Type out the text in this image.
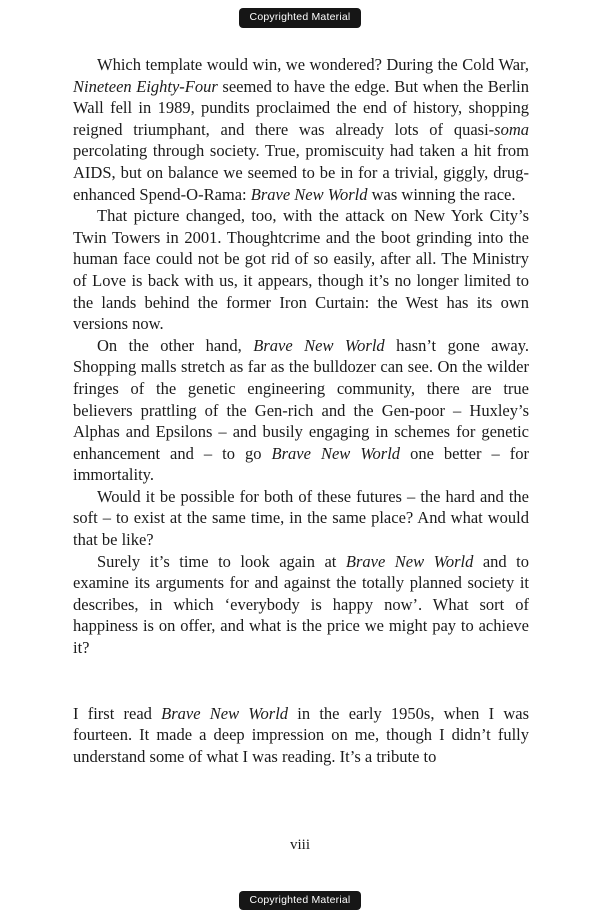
Copyrighted Material

Which template would win, we wondered? During the Cold War, Nineteen Eighty-Four seemed to have the edge. But when the Berlin Wall fell in 1989, pundits proclaimed the end of history, shopping reigned triumphant, and there was already lots of quasi-soma percolating through society. True, promiscuity had taken a hit from AIDS, but on balance we seemed to be in for a trivial, giggly, drug-enhanced Spend-O-Rama: Brave New World was winning the race.

That picture changed, too, with the attack on New York City’s Twin Towers in 2001. Thoughtcrime and the boot grinding into the human face could not be got rid of so easily, after all. The Ministry of Love is back with us, it appears, though it’s no longer limited to the lands behind the former Iron Curtain: the West has its own versions now.

On the other hand, Brave New World hasn’t gone away. Shopping malls stretch as far as the bulldozer can see. On the wilder fringes of the genetic engineering community, there are true believers prattling of the Gen-rich and the Gen-poor – Huxley’s Alphas and Epsilons – and busily engaging in schemes for genetic enhancement and – to go Brave New World one better – for immortality.

Would it be possible for both of these futures – the hard and the soft – to exist at the same time, in the same place? And what would that be like?

Surely it’s time to look again at Brave New World and to examine its arguments for and against the totally planned society it describes, in which ‘everybody is happy now’. What sort of happiness is on offer, and what is the price we might pay to achieve it?

I first read Brave New World in the early 1950s, when I was fourteen. It made a deep impression on me, though I didn’t fully understand some of what I was reading. It’s a tribute to

viii
Copyrighted Material
